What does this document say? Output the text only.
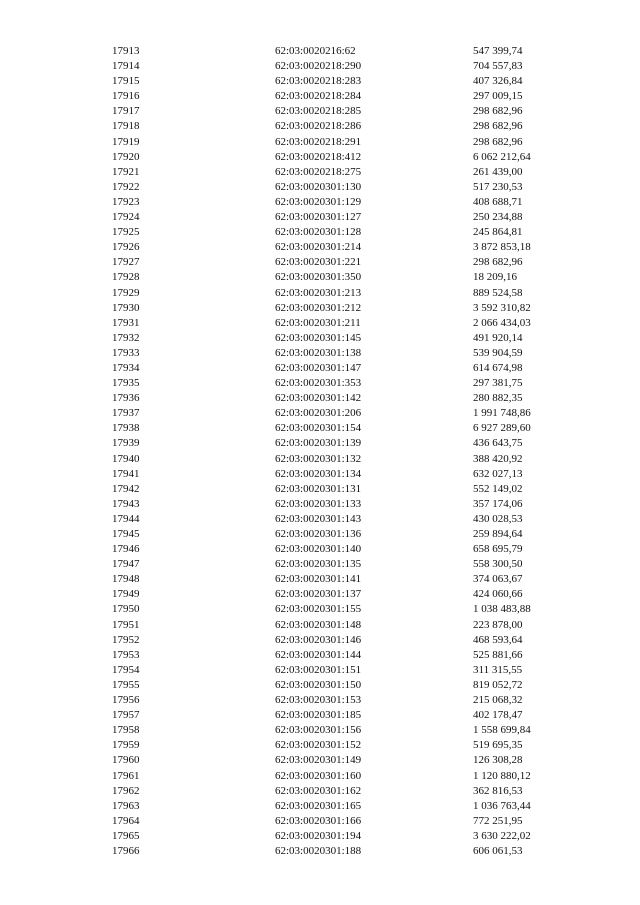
17913	62:03:0020216:62	547 399,74
17914	62:03:0020218:290	704 557,83
17915	62:03:0020218:283	407 326,84
17916	62:03:0020218:284	297 009,15
17917	62:03:0020218:285	298 682,96
17918	62:03:0020218:286	298 682,96
17919	62:03:0020218:291	298 682,96
17920	62:03:0020218:412	6 062 212,64
17921	62:03:0020218:275	261 439,00
17922	62:03:0020301:130	517 230,53
17923	62:03:0020301:129	408 688,71
17924	62:03:0020301:127	250 234,88
17925	62:03:0020301:128	245 864,81
17926	62:03:0020301:214	3 872 853,18
17927	62:03:0020301:221	298 682,96
17928	62:03:0020301:350	18 209,16
17929	62:03:0020301:213	889 524,58
17930	62:03:0020301:212	3 592 310,82
17931	62:03:0020301:211	2 066 434,03
17932	62:03:0020301:145	491 920,14
17933	62:03:0020301:138	539 904,59
17934	62:03:0020301:147	614 674,98
17935	62:03:0020301:353	297 381,75
17936	62:03:0020301:142	280 882,35
17937	62:03:0020301:206	1 991 748,86
17938	62:03:0020301:154	6 927 289,60
17939	62:03:0020301:139	436 643,75
17940	62:03:0020301:132	388 420,92
17941	62:03:0020301:134	632 027,13
17942	62:03:0020301:131	552 149,02
17943	62:03:0020301:133	357 174,06
17944	62:03:0020301:143	430 028,53
17945	62:03:0020301:136	259 894,64
17946	62:03:0020301:140	658 695,79
17947	62:03:0020301:135	558 300,50
17948	62:03:0020301:141	374 063,67
17949	62:03:0020301:137	424 060,66
17950	62:03:0020301:155	1 038 483,88
17951	62:03:0020301:148	223 878,00
17952	62:03:0020301:146	468 593,64
17953	62:03:0020301:144	525 881,66
17954	62:03:0020301:151	311 315,55
17955	62:03:0020301:150	819 052,72
17956	62:03:0020301:153	215 068,32
17957	62:03:0020301:185	402 178,47
17958	62:03:0020301:156	1 558 699,84
17959	62:03:0020301:152	519 695,35
17960	62:03:0020301:149	126 308,28
17961	62:03:0020301:160	1 120 880,12
17962	62:03:0020301:162	362 816,53
17963	62:03:0020301:165	1 036 763,44
17964	62:03:0020301:166	772 251,95
17965	62:03:0020301:194	3 630 222,02
17966	62:03:0020301:188	606 061,53
